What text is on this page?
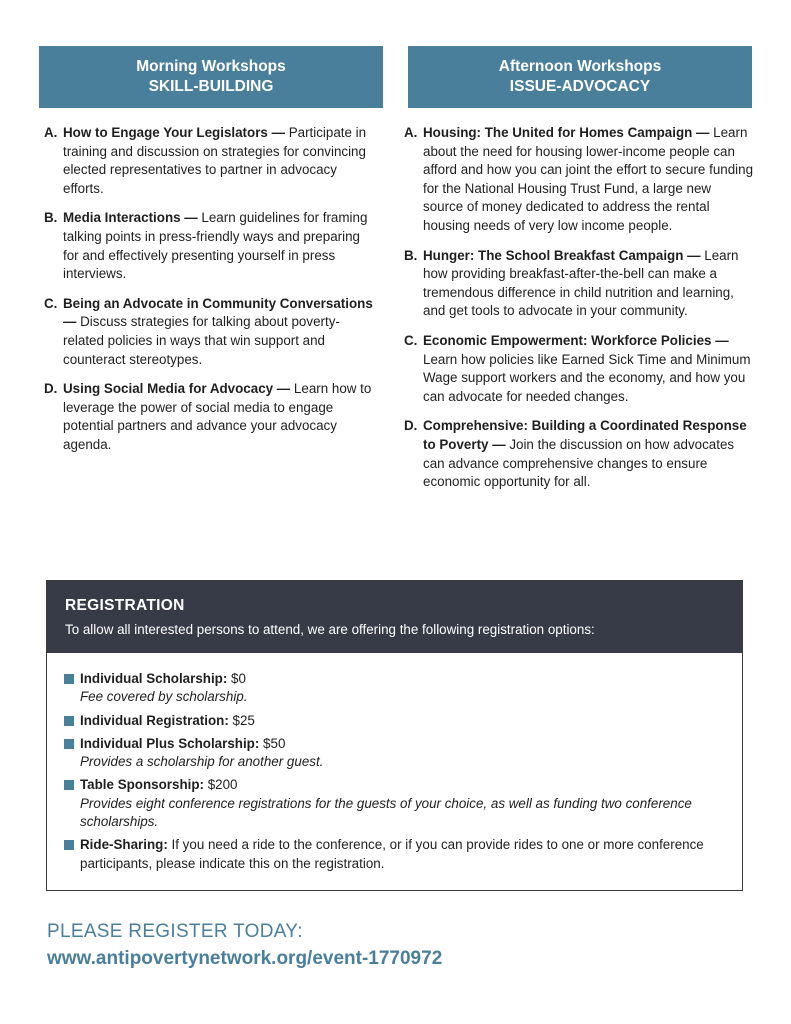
Morning Workshops
SKILL-BUILDING
Afternoon Workshops
ISSUE-ADVOCACY
A. How to Engage Your Legislators — Participate in training and discussion on strategies for convincing elected representatives to partner in advocacy efforts.
B. Media Interactions — Learn guidelines for framing talking points in press-friendly ways and preparing for and effectively presenting yourself in press interviews.
C. Being an Advocate in Community Conversations — Discuss strategies for talking about poverty-related policies in ways that win support and counteract stereotypes.
D. Using Social Media for Advocacy — Learn how to leverage the power of social media to engage potential partners and advance your advocacy agenda.
A. Housing: The United for Homes Campaign — Learn about the need for housing lower-income people can afford and how you can joint the effort to secure funding for the National Housing Trust Fund, a large new source of money dedicated to address the rental housing needs of very low income people.
B. Hunger: The School Breakfast Campaign — Learn how providing breakfast-after-the-bell can make a tremendous difference in child nutrition and learning, and get tools to advocate in your community.
C. Economic Empowerment: Workforce Policies — Learn how policies like Earned Sick Time and Minimum Wage support workers and the economy, and how you can advocate for needed changes.
D. Comprehensive: Building a Coordinated Response to Poverty — Join the discussion on how advocates can advance comprehensive changes to ensure economic opportunity for all.
REGISTRATION
To allow all interested persons to attend, we are offering the following registration options:
Individual Scholarship: $0
Fee covered by scholarship.
Individual Registration: $25
Individual Plus Scholarship: $50
Provides a scholarship for another guest.
Table Sponsorship: $200
Provides eight conference registrations for the guests of your choice, as well as funding two conference scholarships.
Ride-Sharing: If you need a ride to the conference, or if you can provide rides to one or more conference participants, please indicate this on the registration.
PLEASE REGISTER TODAY:
www.antipovertynetwork.org/event-1770972
